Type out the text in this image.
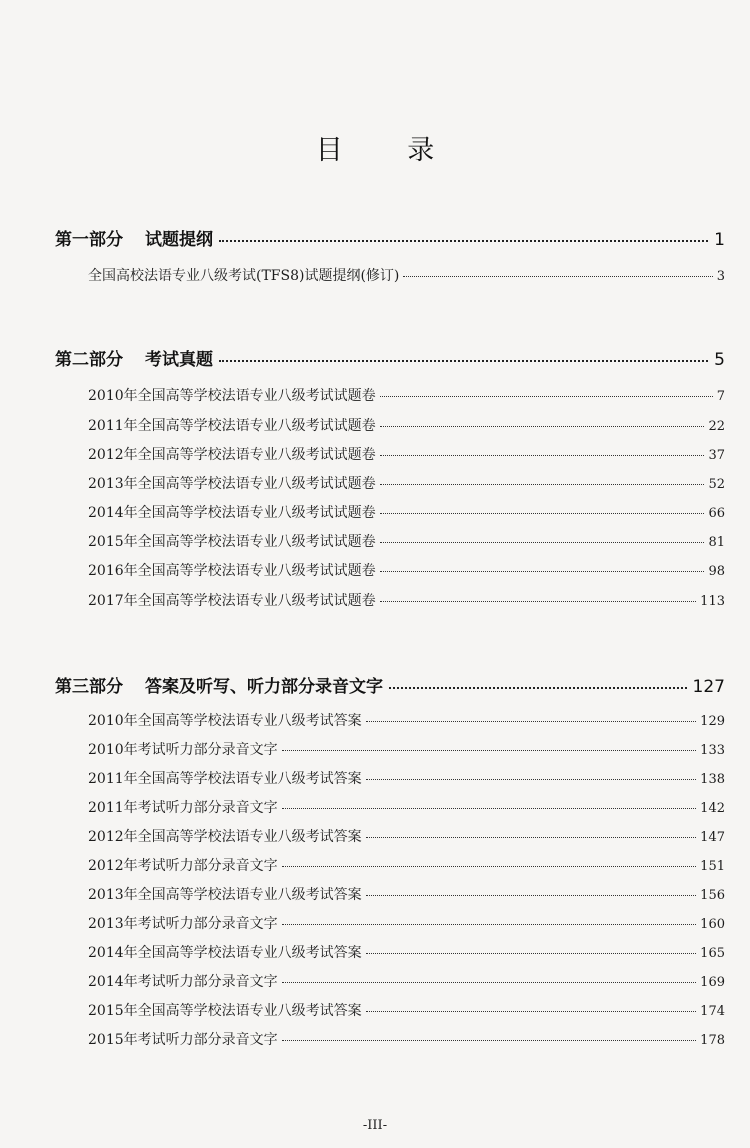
目 录
第一部分 试题提纲	1
全国高校法语专业八级考试(TFS8)试题提纲(修订)	3
第二部分 考试真题	5
2010年全国高等学校法语专业八级考试试题卷	7
2011年全国高等学校法语专业八级考试试题卷	22
2012年全国高等学校法语专业八级考试试题卷	37
2013年全国高等学校法语专业八级考试试题卷	52
2014年全国高等学校法语专业八级考试试题卷	66
2015年全国高等学校法语专业八级考试试题卷	81
2016年全国高等学校法语专业八级考试试题卷	98
2017年全国高等学校法语专业八级考试试题卷	113
第三部分 答案及听写、听力部分录音文字	127
2010年全国高等学校法语专业八级考试答案	129
2010年考试听力部分录音文字	133
2011年全国高等学校法语专业八级考试答案	138
2011年考试听力部分录音文字	142
2012年全国高等学校法语专业八级考试答案	147
2012年考试听力部分录音文字	151
2013年全国高等学校法语专业八级考试答案	156
2013年考试听力部分录音文字	160
2014年全国高等学校法语专业八级考试答案	165
2014年考试听力部分录音文字	169
2015年全国高等学校法语专业八级考试答案	174
2015年考试听力部分录音文字	178
-III-
